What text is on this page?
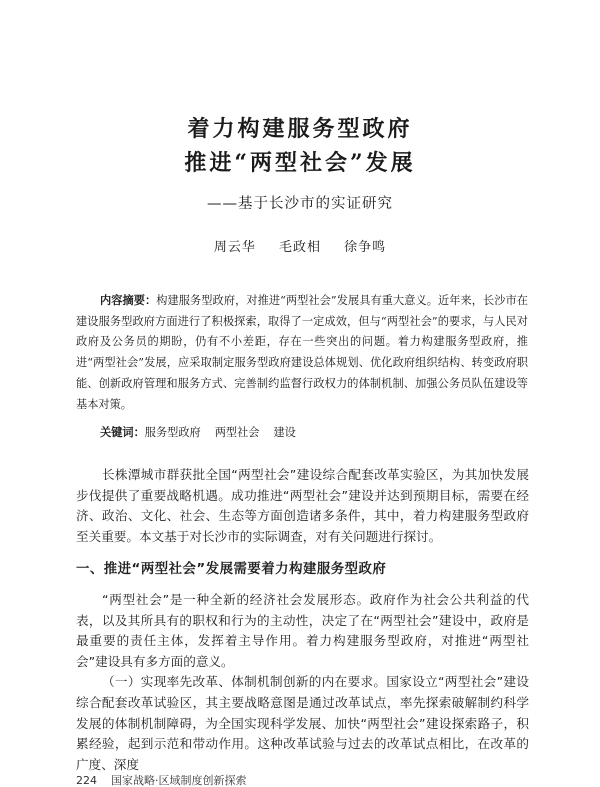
着力构建服务型政府

推进“两型社会”发展

——基于长沙市的实证研究
周云华 毛政相 徐争鸣
内容摘要：构建服务型政府，对推进“两型社会”发展具有重大意义。近年来，长沙市在建设服务型政府方面进行了积极探索，取得了一定成效，但与“两型社会”的要求，与人民对政府及公务员的期盼，仍有不小差距，存在一些突出的问题。着力构建服务型政府，推进“两型社会”发展，应采取制定服务型政府建设总体规划、优化政府组织结构、转变政府职能、创新政府管理和服务方式、完善制约监督行政权力的体制机制、加强公务员队伍建设等基本对策。
关键词：服务型政府 两型社会 建设

长株潭城市群获批全国“两型社会”建设综合配套改革实验区，为其加快发展步伐提供了重要战略机遇。成功推进“两型社会”建设并达到预期目标，需要在经济、政治、文化、社会、生态等方面创造诸多条件，其中，着力构建服务型政府至关重要。本文基于对长沙市的实际调查，对有关问题进行探讨。

一、推进“两型社会”发展需要着力构建服务型政府

“两型社会”是一种全新的经济社会发展形态。政府作为社会公共利益的代表，以及其所具有的职权和行为的主动性，决定了在“两型社会”建设中，政府是最重要的责任主体，发挥着主导作用。着力构建服务型政府，对推进“两型社会”建设具有多方面的意义。

（一）实现率先改革、体制机制创新的内在要求。国家设立“两型社会”建设综合配套改革试验区，其主要战略意图是通过改革试点，率先探索破解制约科学发展的体制机制障碍，为全国实现科学发展、加快“两型社会”建设探索路子，积累经验，起到示范和带动作用。这种改革试验与过去的改革试点相比，在改革的广度、深度

224 国家战略·区域制度创新探索
